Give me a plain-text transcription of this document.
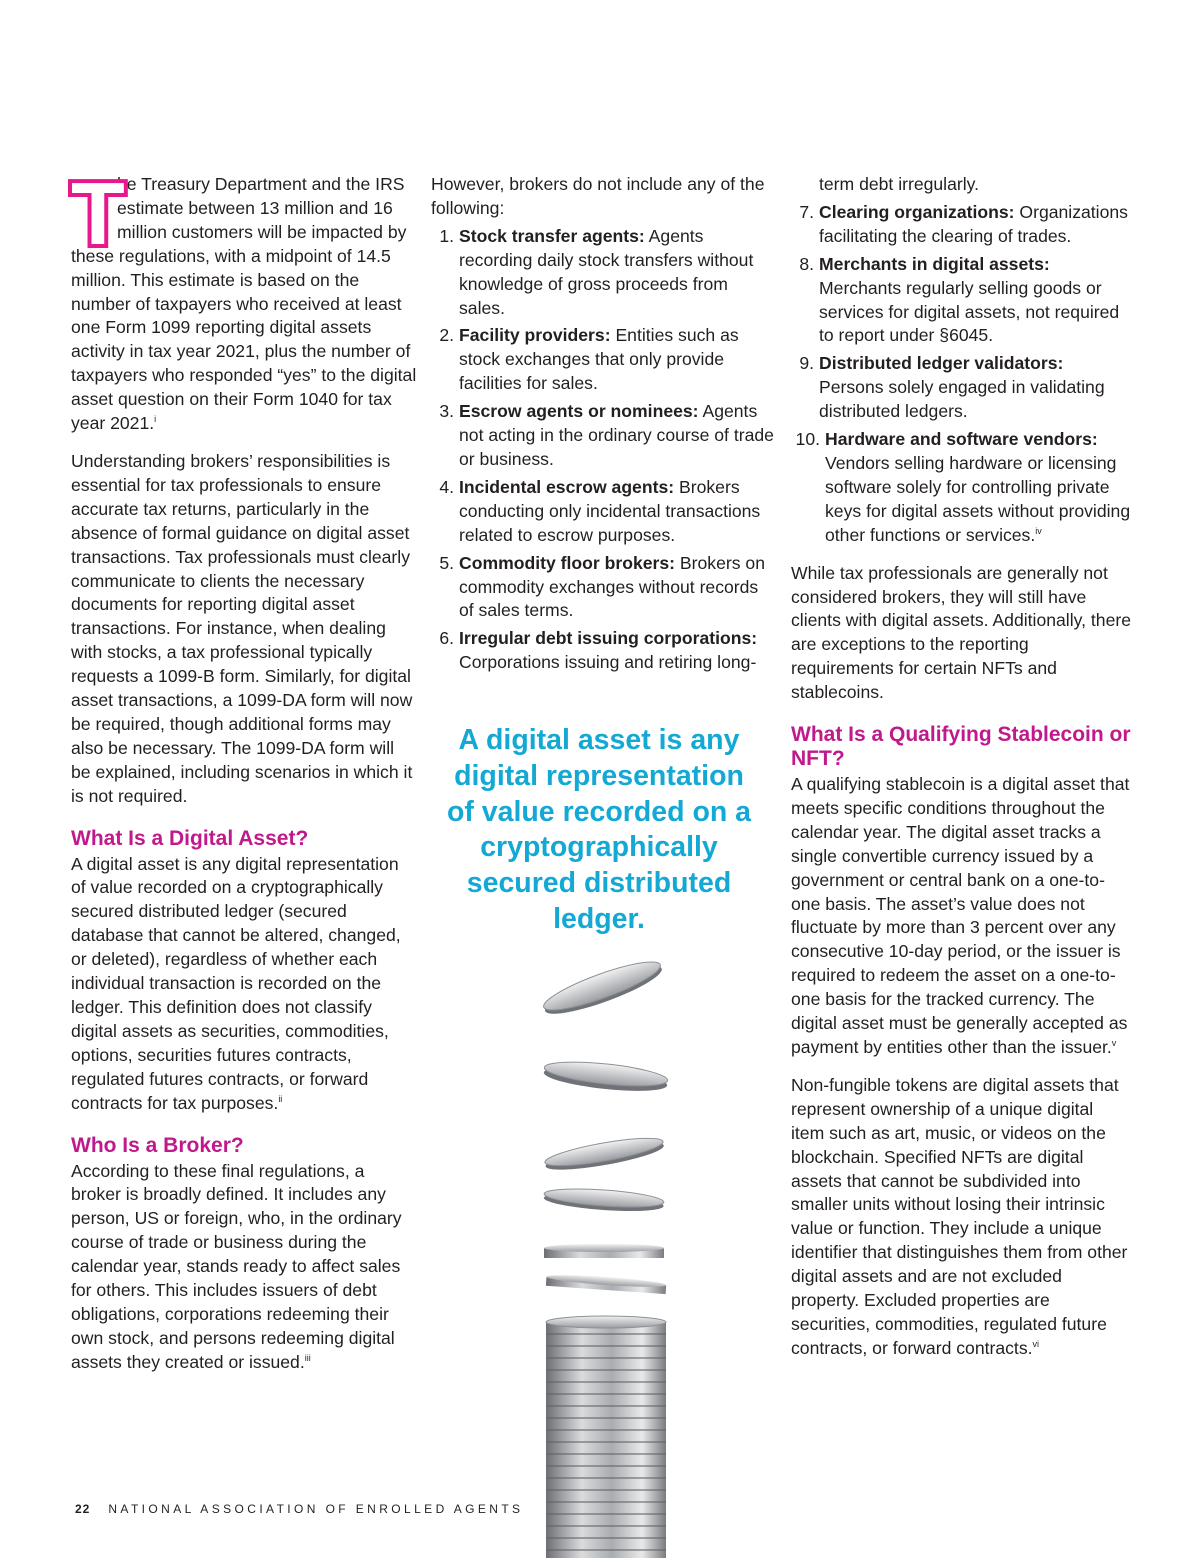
T
he Treasury Department and the IRS estimate between 13 million and 16 million customers will be impacted by these regulations, with a midpoint of 14.5 million. This estimate is based on the number of taxpayers who received at least one Form 1099 reporting digital assets activity in tax year 2021, plus the number of taxpayers who responded “yes” to the digital asset question on their Form 1040 for tax year 2021.$^i$

Understanding brokers’ responsibilities is essential for tax professionals to ensure accurate tax returns, particularly in the absence of formal guidance on digital asset transactions. Tax professionals must clearly communicate to clients the necessary documents for reporting digital asset transactions. For instance, when dealing with stocks, a tax professional typically requests a 1099-B form. Similarly, for digital asset transactions, a 1099-DA form will now be required, though additional forms may also be necessary. The 1099-DA form will be explained, including scenarios in which it is not required.

What Is a Digital Asset?

A digital asset is any digital representation of value recorded on a cryptographically secured distributed ledger (secured database that cannot be altered, changed, or deleted), regardless of whether each individual transaction is recorded on the ledger. This definition does not classify digital assets as securities, commodities, options, securities futures contracts, regulated futures contracts, or forward contracts for tax purposes.$^{ii}$

Who Is a Broker?

According to these final regulations, a broker is broadly defined. It includes any person, US or foreign, who, in the ordinary course of trade or business during the calendar year, stands ready to affect sales for others. This includes issuers of debt obligations, corporations redeeming their own stock, and persons redeeming digital assets they created or issued.$^{iii}$

However, brokers do not include any of the following:

1. Stock transfer agents: Agents recording daily stock transfers without knowledge of gross proceeds from sales.
2. Facility providers: Entities such as stock exchanges that only provide facilities for sales.
3. Escrow agents or nominees: Agents not acting in the ordinary course of trade or business.
4. Incidental escrow agents: Brokers conducting only incidental transactions related to escrow purposes.
5. Commodity floor brokers: Brokers on commodity exchanges without records of sales terms.
6. Irregular debt issuing corporations: Corporations issuing and retiring long-
A digital asset is any digital representation of value recorded on a cryptographically secured distributed ledger.

term debt irregularly.

7. Clearing organizations: Organizations facilitating the clearing of trades.
8. Merchants in digital assets: Merchants regularly selling goods or services for digital assets, not required to report under §6045.
9. Distributed ledger validators: Persons solely engaged in validating distributed ledgers.
10. Hardware and software vendors: Vendors selling hardware or licensing software solely for controlling private keys for digital assets without providing other functions or services.$^{iv}$

While tax professionals are generally not considered brokers, they will still have clients with digital assets. Additionally, there are exceptions to the reporting requirements for certain NFTs and stablecoins.

What Is a Qualifying Stablecoin or NFT?

A qualifying stablecoin is a digital asset that meets specific conditions throughout the calendar year. The digital asset tracks a single convertible currency issued by a government or central bank on a one-to-one basis. The asset’s value does not fluctuate by more than 3 percent over any consecutive 10-day period, or the issuer is required to redeem the asset on a one-to-one basis for the tracked currency. The digital asset must be generally accepted as payment by entities other than the issuer.$^v$

Non-fungible tokens are digital assets that represent ownership of a unique digital item such as art, music, or videos on the blockchain. Specified NFTs are digital assets that cannot be subdivided into smaller units without losing their intrinsic value or function. They include a unique identifier that distinguishes them from other digital assets and are not excluded property. Excluded properties are securities, commodities, regulated future contracts, or forward contracts.$^{vi}$

22 NATIONAL ASSOCIATION OF ENROLLED AGENTS
